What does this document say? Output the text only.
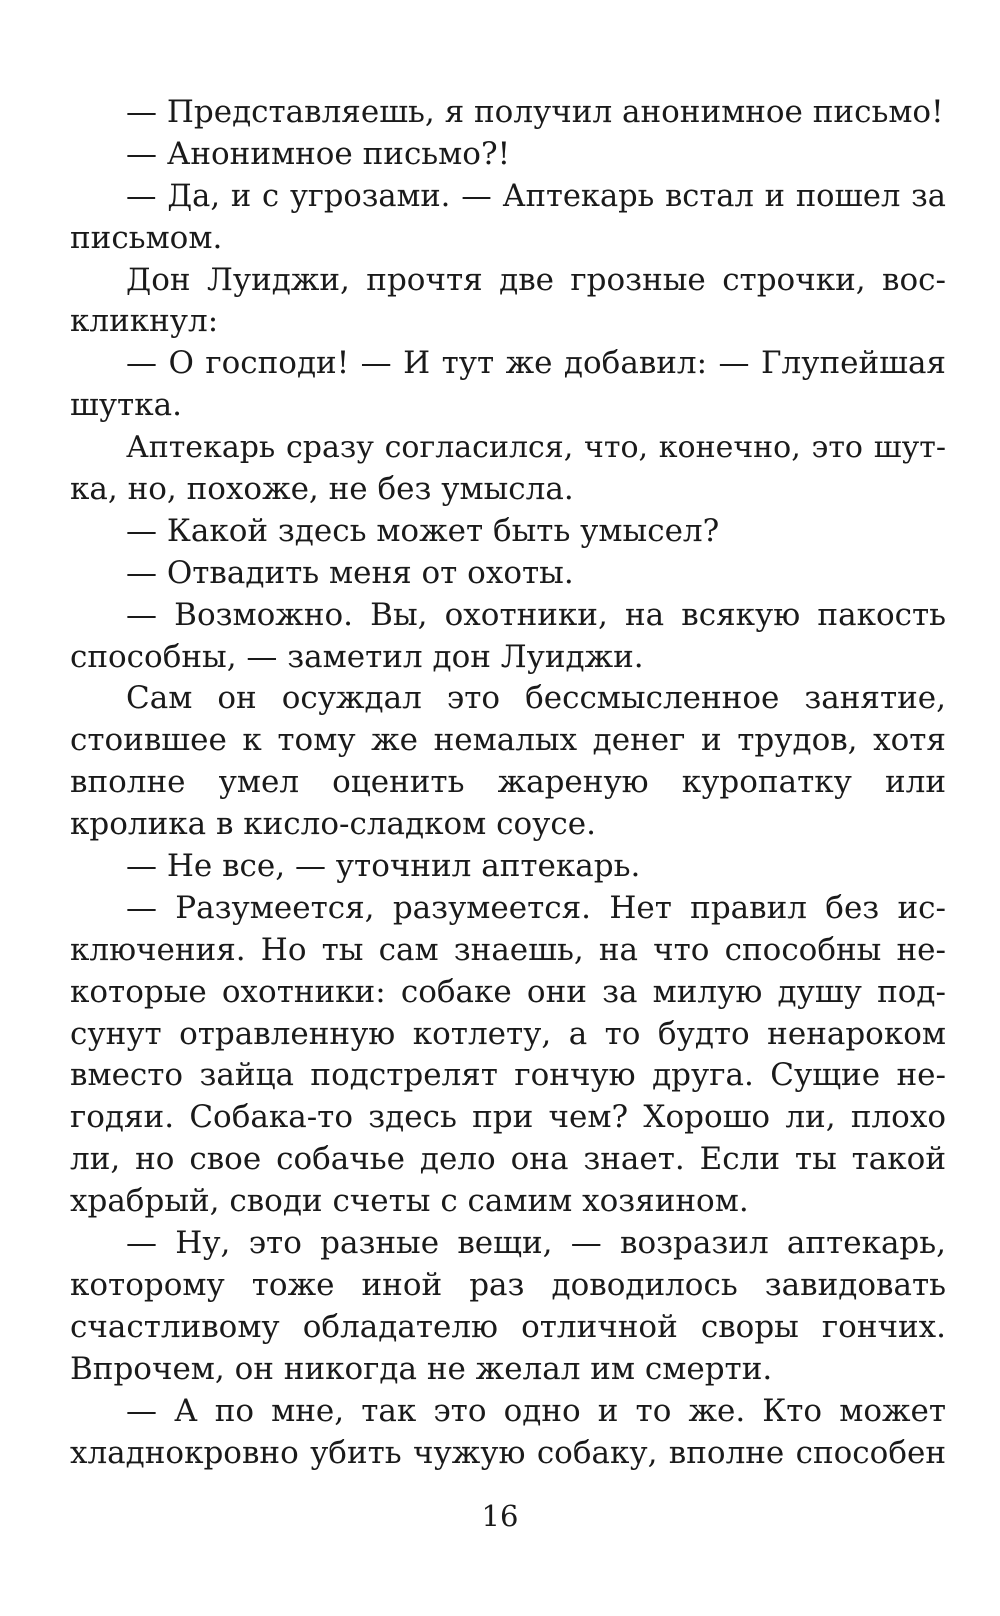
— Представляешь, я получил анонимное письмо!
— Анонимное письмо?!
— Да, и с угрозами. — Аптекарь встал и пошел за
письмом.
Дон Луиджи, прочтя две грозные строчки, вос-
кликнул:
— О господи! — И тут же добавил: — Глупейшая
шутка.
Аптекарь сразу согласился, что, конечно, это шут-
ка, но, похоже, не без умысла.
— Какой здесь может быть умысел?
— Отвадить меня от охоты.
— Возможно. Вы, охотники, на всякую пакость
способны, — заметил дон Луиджи.
Сам он осуждал это бессмысленное занятие,
стоившее к тому же немалых денег и трудов, хотя
вполне умел оценить жареную куропатку или
кролика в кисло-сладком соусе.
— Не все, — уточнил аптекарь.
— Разумеется, разумеется. Нет правил без ис-
ключения. Но ты сам знаешь, на что способны не-
которые охотники: собаке они за милую душу под-
сунут отравленную котлету, а то будто ненароком
вместо зайца подстрелят гончую друга. Сущие не-
годяи. Собака-то здесь при чем? Хорошо ли, плохо
ли, но свое собачье дело она знает. Если ты такой
храбрый, своди счеты с самим хозяином.
— Ну, это разные вещи, — возразил аптекарь,
которому тоже иной раз доводилось завидовать
счастливому обладателю отличной своры гончих.
Впрочем, он никогда не желал им смерти.
— А по мне, так это одно и то же. Кто может
хладнокровно убить чужую собаку, вполне способен
16
